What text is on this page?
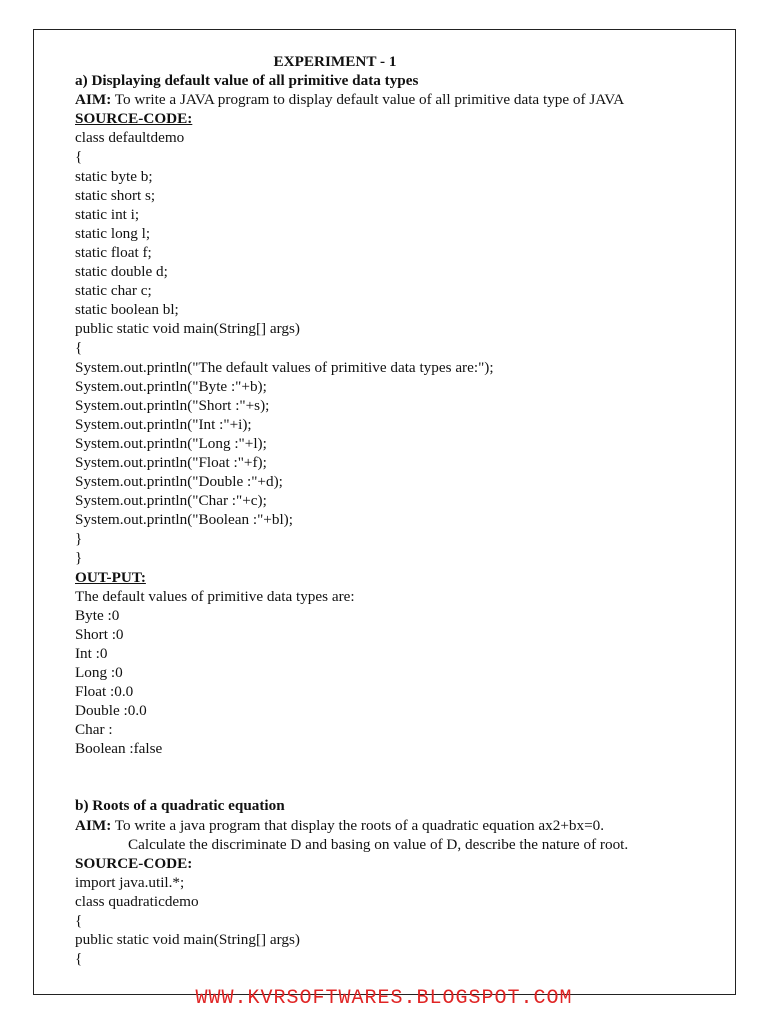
EXPERIMENT - 1
a) Displaying default value of all primitive data types
AIM: To write a JAVA program to display default value of all primitive data type of JAVA
SOURCE-CODE:
class defaultdemo
{
static byte b;
static short s;
static int i;
static long l;
static float f;
static double d;
static char c;
static boolean bl;
public static void main(String[] args)
{
System.out.println("The default values of primitive data types are:");
System.out.println("Byte :"+b);
System.out.println("Short :"+s);
System.out.println("Int :"+i);
System.out.println("Long :"+l);
System.out.println("Float :"+f);
System.out.println("Double :"+d);
System.out.println("Char :"+c);
System.out.println("Boolean :"+bl);
}
}
OUT-PUT:
The default values of primitive data types are:
Byte :0
Short :0
Int :0
Long :0
Float :0.0
Double :0.0
Char :
Boolean :false
b) Roots of a quadratic equation
AIM: To write a java program that display the roots of a quadratic equation ax2+bx=0.
Calculate the discriminate D and basing on value of D, describe the nature of root.
SOURCE-CODE:
import java.util.*;
class quadraticdemo
{
public static void main(String[] args)
{
WWW.KVRSOFTWARES.BLOGSPOT.COM
